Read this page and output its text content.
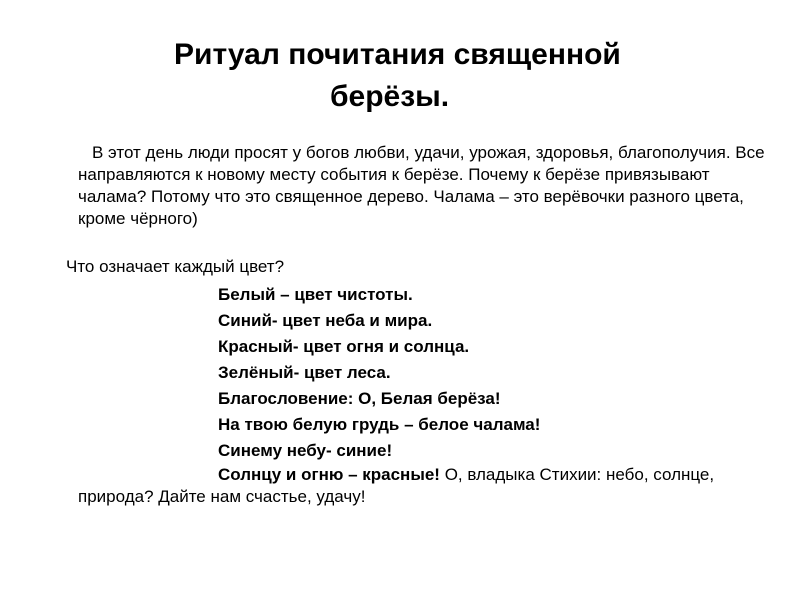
Ритуал почитания священной
берёзы.

В этот день люди просят у богов любви, удачи, урожая, здоровья, благополучия. Все направляются к новому месту события к берёзе. Почему к берёзе привязывают чалама? Потому что это священное дерево. Чалама – это верёвочки разного цвета, кроме чёрного)

Что означает каждый цвет?

Белый – цвет чистоты.
Синий- цвет неба и мира.
Красный- цвет огня и солнца.
Зелёный- цвет леса.
Благословение: О, Белая берёза!
На твою белую грудь – белое чалама!
Синему небу- синие!

Солнцу и огню – красные! О, владыка Стихии: небо, солнце, природа? Дайте нам счастье, удачу!
